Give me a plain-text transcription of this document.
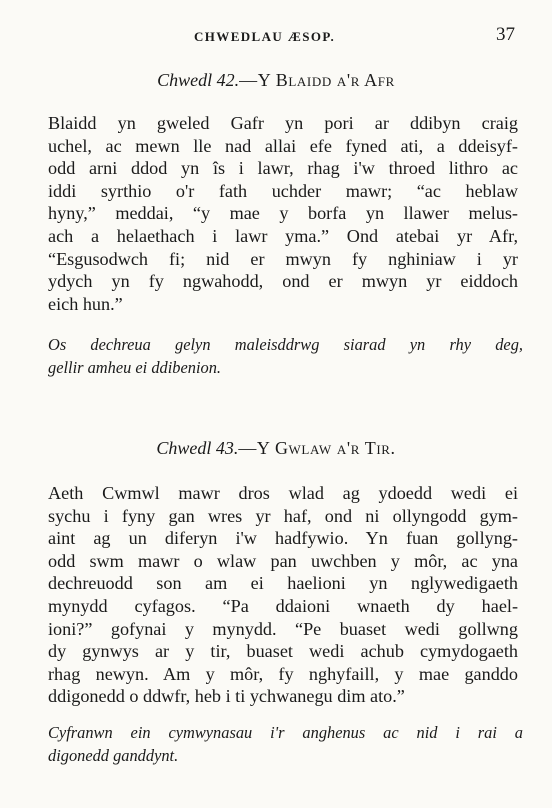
CHWEDLAU ÆSOP.	37
Chwedl 42.—Y Blaidd a'r Afr
Blaidd yn gweled Gafr yn pori ar ddibyn craig
uchel, ac mewn lle nad allai efe fyned ati, a ddeisyf-
odd arni ddod yn îs i lawr, rhag i'w throed lithro ac
iddi syrthio o'r fath uchder mawr; “ac heblaw
hyny,” meddai, “y mae y borfa yn llawer melus-
ach a helaethach i lawr yma.” Ond atebai yr Afr,
“Esgusodwch fi; nid er mwyn fy nghiniaw i yr
ydych yn fy ngwahodd, ond er mwyn yr eiddoch
eich hun.”
Os dechreua gelyn maleisddrwg siarad yn rhy deg,
gellir amheu ei ddibenion.
Chwedl 43.—Y Gwlaw a'r Tir.
Aeth Cwmwl mawr dros wlad ag ydoedd wedi ei
sychu i fyny gan wres yr haf, ond ni ollyngodd gym-
aint ag un diferyn i'w hadfywio. Yn fuan gollyng-
odd swm mawr o wlaw pan uwchben y môr, ac yna
dechreuodd son am ei haelioni yn nglywedigaeth
mynydd cyfagos. “Pa ddaioni wnaeth dy hael-
ioni?” gofynai y mynydd. “Pe buaset wedi gollwng
dy gynwys ar y tir, buaset wedi achub cymydogaeth
rhag newyn. Am y môr, fy nghyfaill, y mae ganddo
ddigonedd o ddwfr, heb i ti ychwanegu dim ato.”
Cyfranwn ein cymwynasau i'r anghenus ac nid i rai a
digonedd ganddynt.
